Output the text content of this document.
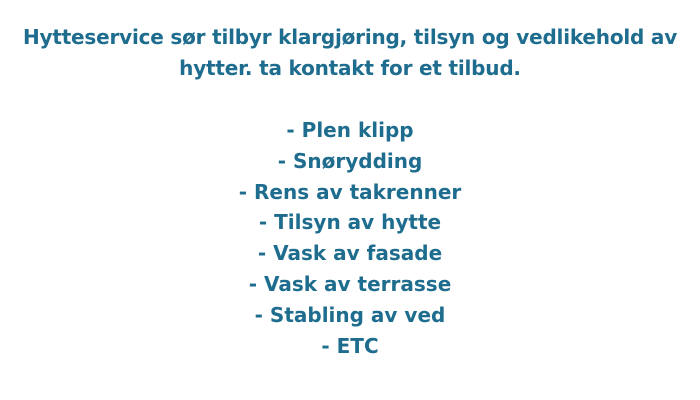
Hytteservice sør tilbyr klargjøring, tilsyn og vedlikehold av
hytter. ta kontakt for et tilbud.
- Plen klipp
- Snørydding
- Rens av takrenner
- Tilsyn av hytte
- Vask av fasade
- Vask av terrasse
- Stabling av ved
- ETC
